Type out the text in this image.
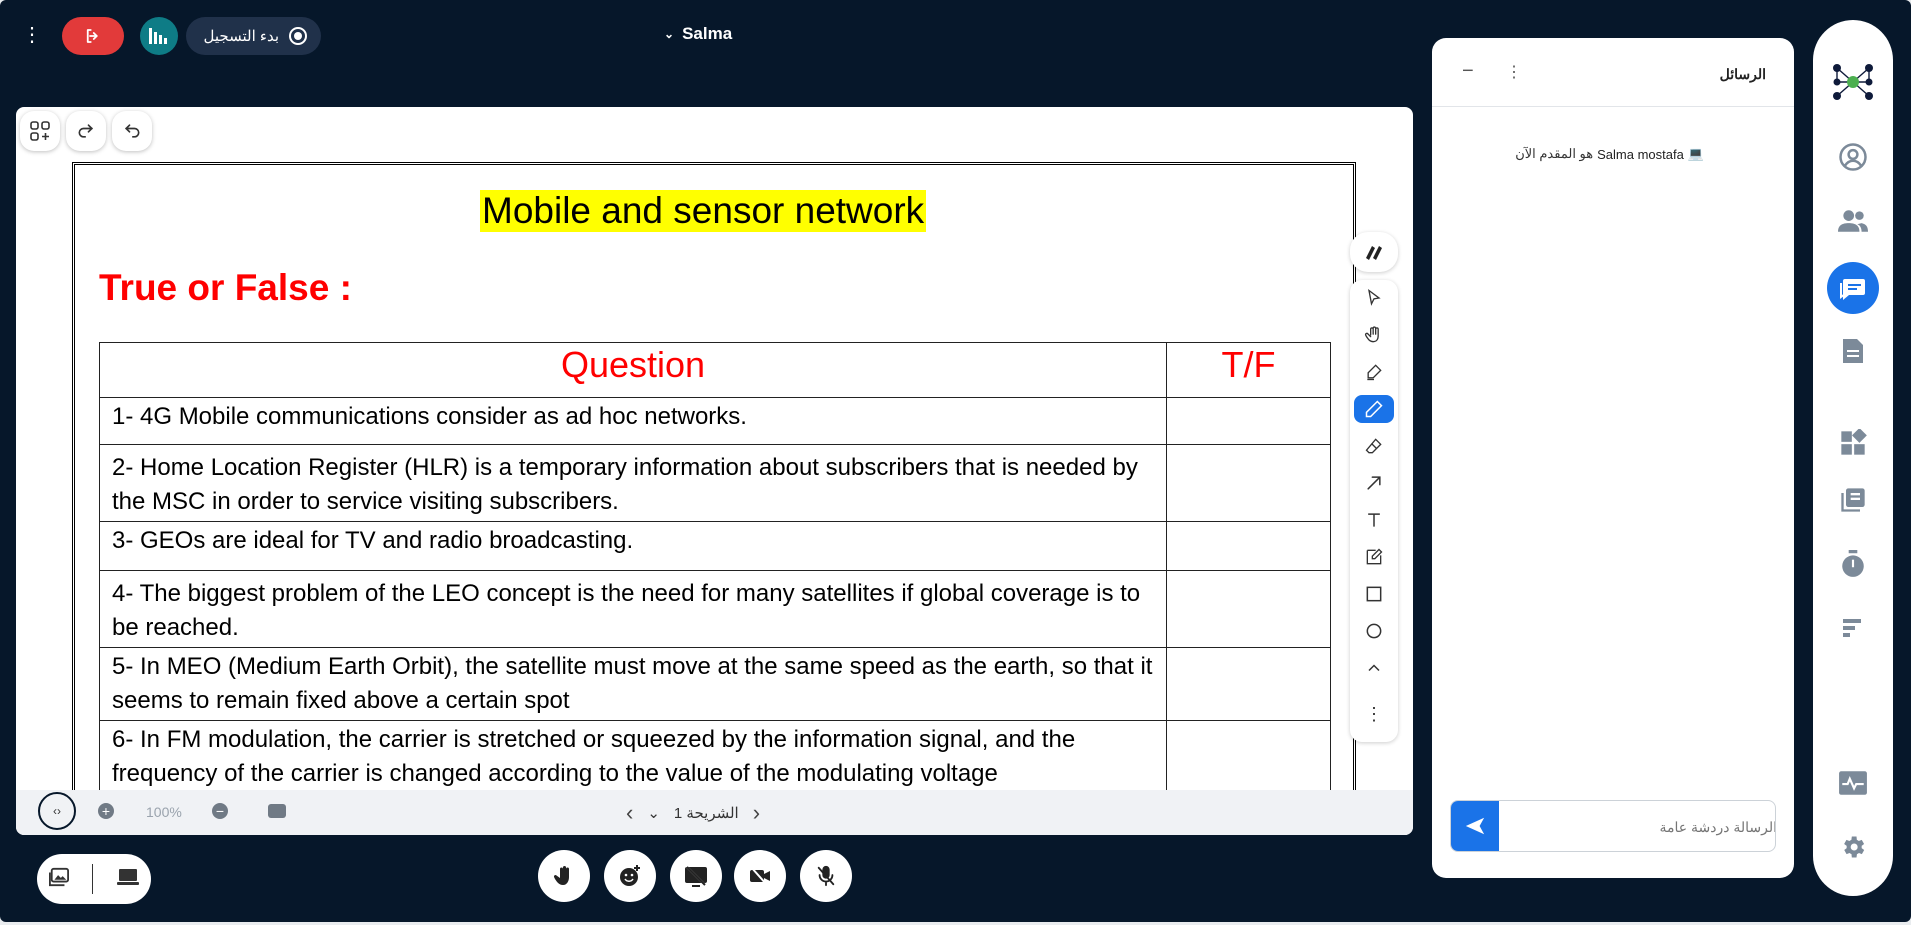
⋮	بدء التسجيل	⌄ Salma
Mobile and sensor network
True or False :
Question	T/F
1- 4G Mobile communications consider as ad hoc networks.	
2- Home Location Register (HLR) is a temporary information about subscribers that is needed by the MSC in order to service visiting subscribers.	
3- GEOs are ideal for TV and radio broadcasting.	
4- The biggest problem of the LEO concept is the need for many satellites if global coverage is to be reached.	
5- In MEO (Medium Earth Orbit), the satellite must move at the same speed as the earth, so that it seems to remain fixed above a certain spot	
6- In FM modulation, the carrier is stretched or squeezed by the information signal, and the frequency of the carrier is changed according to the value of the modulating voltage	

‹›	+	100% −	‹ ⌄ الشريحة 1 ›
⋮
− ⋮	الرسائل
💻
Salma mostafa
هو المقدم الآن
الرسالة دردشة عامة
